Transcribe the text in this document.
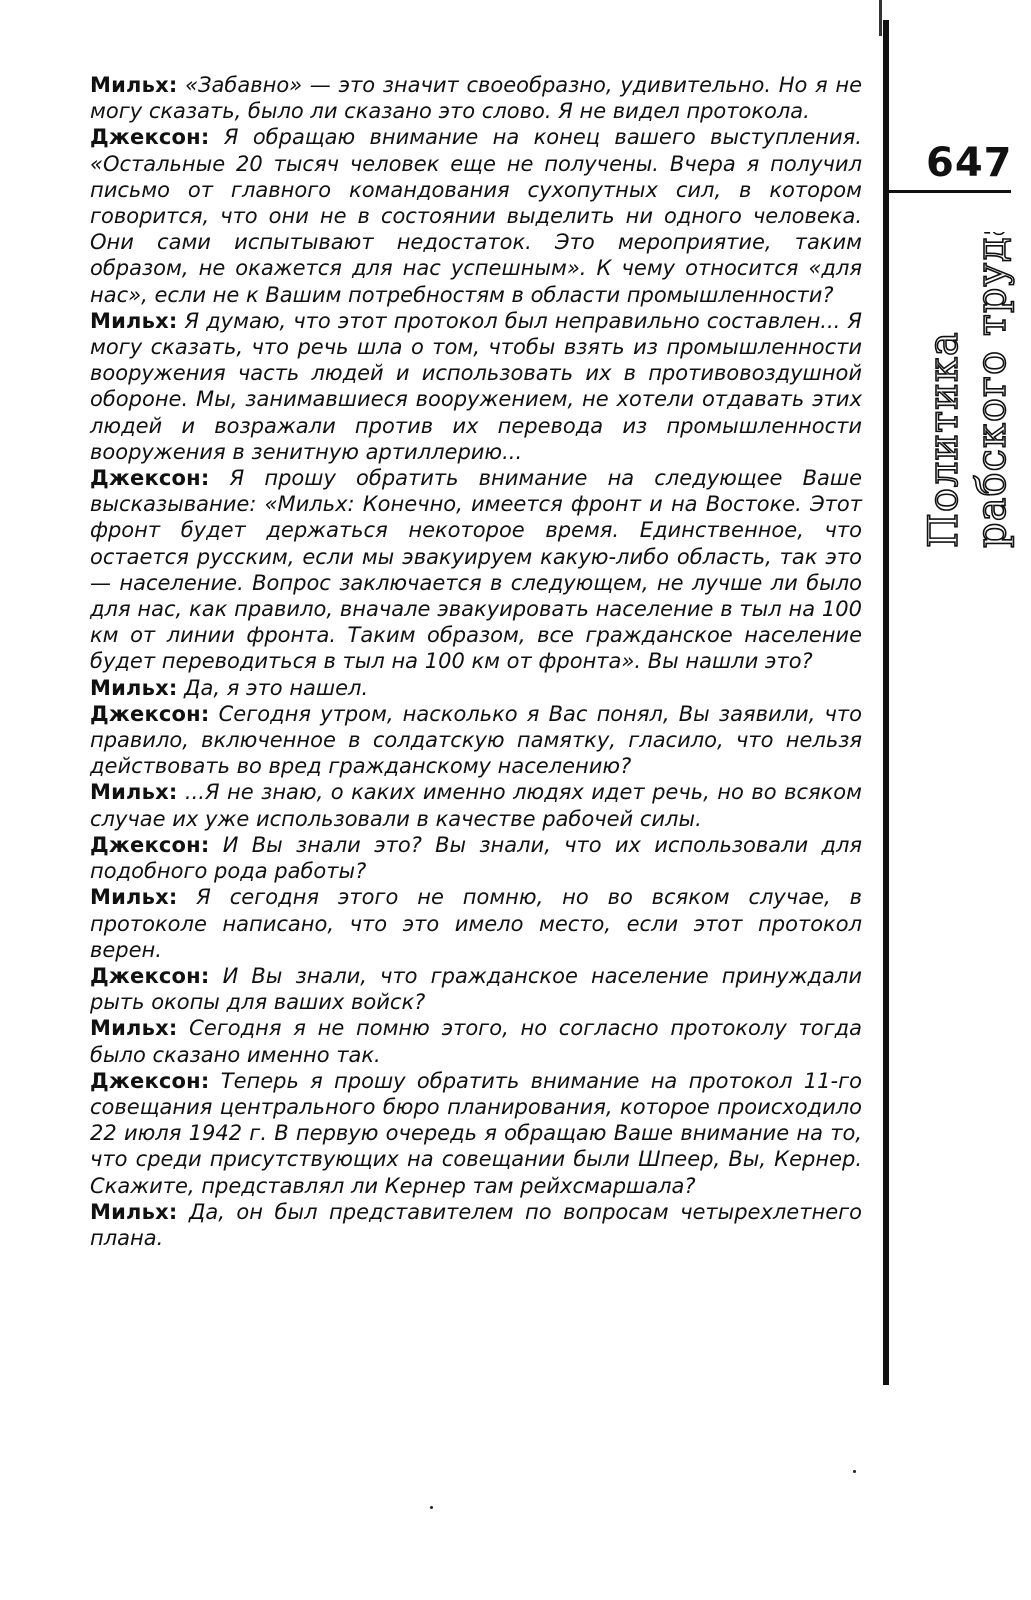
647
Политика рабского труда

Мильх: «Забавно» — это значит своеобразно, удивительно. Но я не могу сказать, было ли сказано это слово. Я не видел протокола.

Джексон: Я обращаю внимание на конец вашего выступления. «Остальные 20 тысяч человек еще не получены. Вчера я получил письмо от главного командования сухопутных сил, в котором говорится, что они не в состоянии выделить ни одного человека. Они сами испытывают недостаток. Это мероприятие, таким образом, не окажется для нас успешным». К чему относится «для нас», если не к Вашим потребностям в области промышленности?

Мильх: Я думаю, что этот протокол был неправильно составлен... Я могу сказать, что речь шла о том, чтобы взять из промышленности вооружения часть людей и использовать их в противовоздушной обороне. Мы, занимавшиеся вооружением, не хотели отдавать этих людей и возражали против их перевода из промышленности вооружения в зенитную артиллерию...

Джексон: Я прошу обратить внимание на следующее Ваше высказывание: «Мильх: Конечно, имеется фронт и на Востоке. Этот фронт будет держаться некоторое время. Единственное, что остается русским, если мы эвакуируем какую-либо область, так это — население. Вопрос заключается в следующем, не лучше ли было для нас, как правило, вначале эвакуировать население в тыл на 100 км от линии фронта. Таким образом, все гражданское население будет переводиться в тыл на 100 км от фронта». Вы нашли это?

Мильх: Да, я это нашел.

Джексон: Сегодня утром, насколько я Вас понял, Вы заявили, что правило, включенное в солдатскую памятку, гласило, что нельзя действовать во вред гражданскому населению?

Мильх: ...Я не знаю, о каких именно людях идет речь, но во всяком случае их уже использовали в качестве рабочей силы.

Джексон: И Вы знали это? Вы знали, что их использовали для подобного рода работы?

Мильх: Я сегодня этого не помню, но во всяком случае, в протоколе написано, что это имело место, если этот протокол верен.

Джексон: И Вы знали, что гражданское население принуждали рыть окопы для ваших войск?

Мильх: Сегодня я не помню этого, но согласно протоколу тогда было сказано именно так.

Джексон: Теперь я прошу обратить внимание на протокол 11-го совещания центрального бюро планирования, которое происходило 22 июля 1942 г. В первую очередь я обращаю Ваше внимание на то, что среди присутствующих на совещании были Шпеер, Вы, Кернер. Скажите, представлял ли Кернер там рейхсмаршала?

Мильх: Да, он был представителем по вопросам четырехлетнего плана.
